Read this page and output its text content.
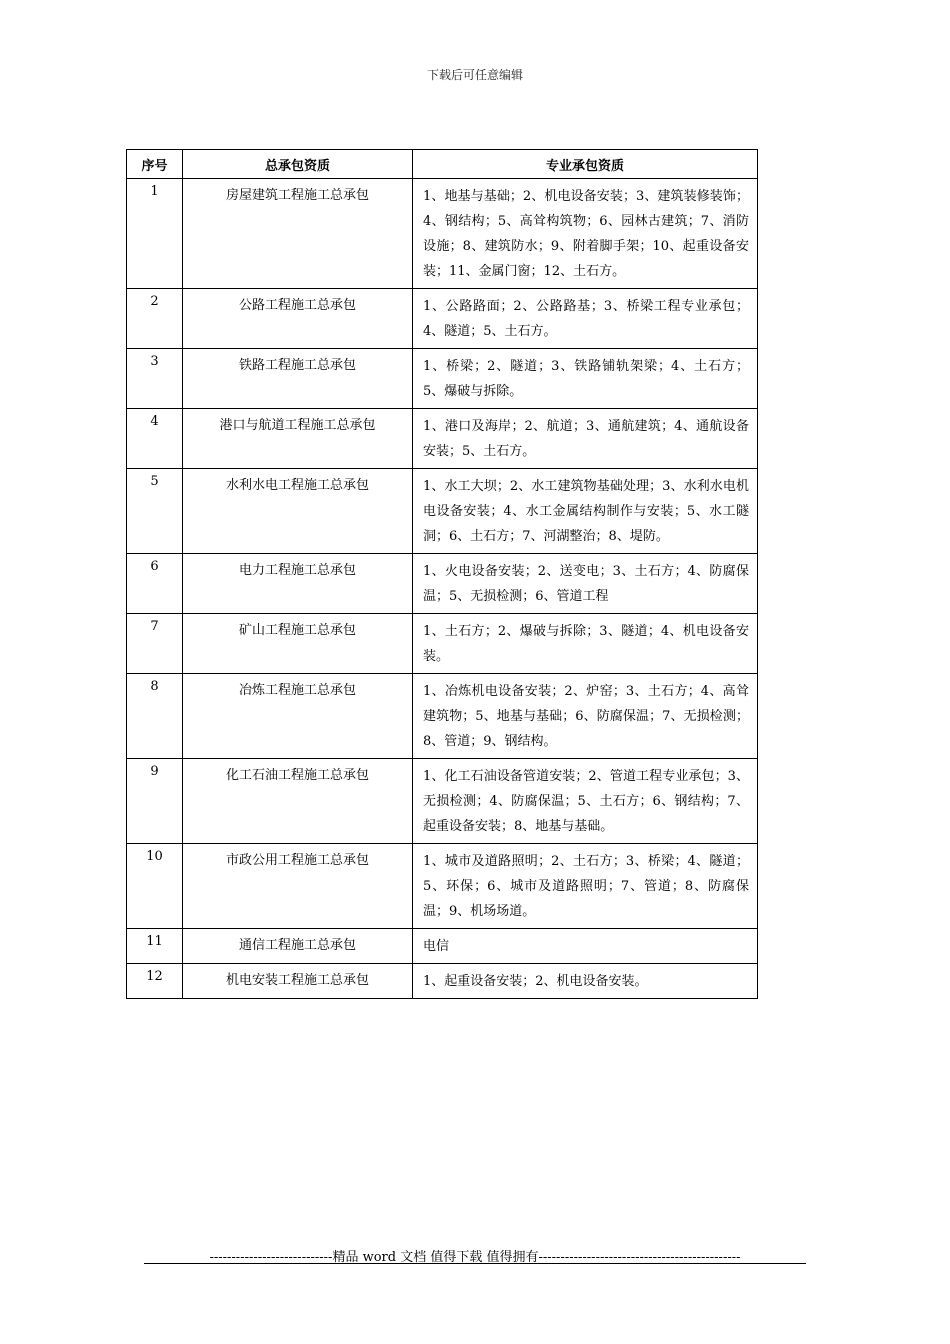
下载后可任意编辑
序号	总承包资质	专业承包资质
1	房屋建筑工程施工总承包	1、地基与基础；2、机电设备安装；3、建筑装修装饰；4、钢结构；5、高耸构筑物；6、园林古建筑；7、消防设施；8、建筑防水；9、附着脚手架；10、起重设备安装；11、金属门窗；12、土石方。
2	公路工程施工总承包	1、公路路面；2、公路路基；3、桥梁工程专业承包；4、隧道；5、土石方。
3	铁路工程施工总承包	1、桥梁；2、隧道；3、铁路铺轨架梁；4、土石方；5、爆破与拆除。
4	港口与航道工程施工总承包	1、港口及海岸；2、航道；3、通航建筑；4、通航设备安装；5、土石方。
5	水利水电工程施工总承包	1、水工大坝；2、水工建筑物基础处理；3、水利水电机电设备安装；4、水工金属结构制作与安装；5、水工隧洞；6、土石方；7、河湖整治；8、堤防。
6	电力工程施工总承包	1、火电设备安装；2、送变电；3、土石方；4、防腐保温；5、无损检测；6、管道工程
7	矿山工程施工总承包	1、土石方；2、爆破与拆除；3、隧道；4、机电设备安装。
8	冶炼工程施工总承包	1、冶炼机电设备安装；2、炉窑；3、土石方；4、高耸建筑物；5、地基与基础；6、防腐保温；7、无损检测；8、管道；9、钢结构。
9	化工石油工程施工总承包	1、化工石油设备管道安装；2、管道工程专业承包；3、无损检测；4、防腐保温；5、土石方；6、钢结构；7、起重设备安装；8、地基与基础。
10	市政公用工程施工总承包	1、城市及道路照明；2、土石方；3、桥梁；4、隧道；5、环保；6、城市及道路照明；7、管道；8、防腐保温；9、机场场道。
11	通信工程施工总承包	电信
12	机电安装工程施工总承包	1、起重设备安装；2、机电设备安装。
----------------------------精品 word 文档 值得下载 值得拥有----------------------------------------------
